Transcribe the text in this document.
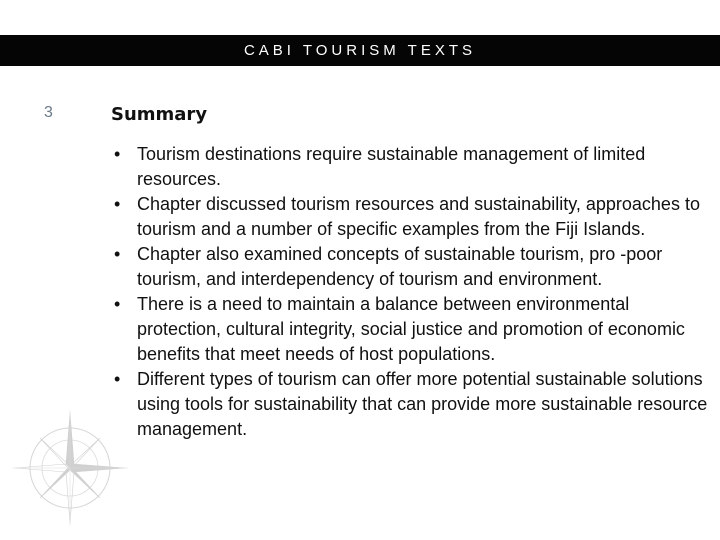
CABI TOURISM TEXTS
3	Summary
• Tourism destinations require sustainable management of limited resources.
• Chapter discussed tourism resources and sustainability, approaches to tourism and a number of specific examples from the Fiji Islands.
• Chapter also examined concepts of sustainable tourism, pro -poor tourism, and interdependency of tourism and environment.
• There is a need to maintain a balance between environmental protection, cultural integrity, social justice and promotion of economic benefits that meet needs of host populations.
• Different types of tourism can offer more potential sustainable solutions using tools for sustainability that can provide more sustainable resource management.
